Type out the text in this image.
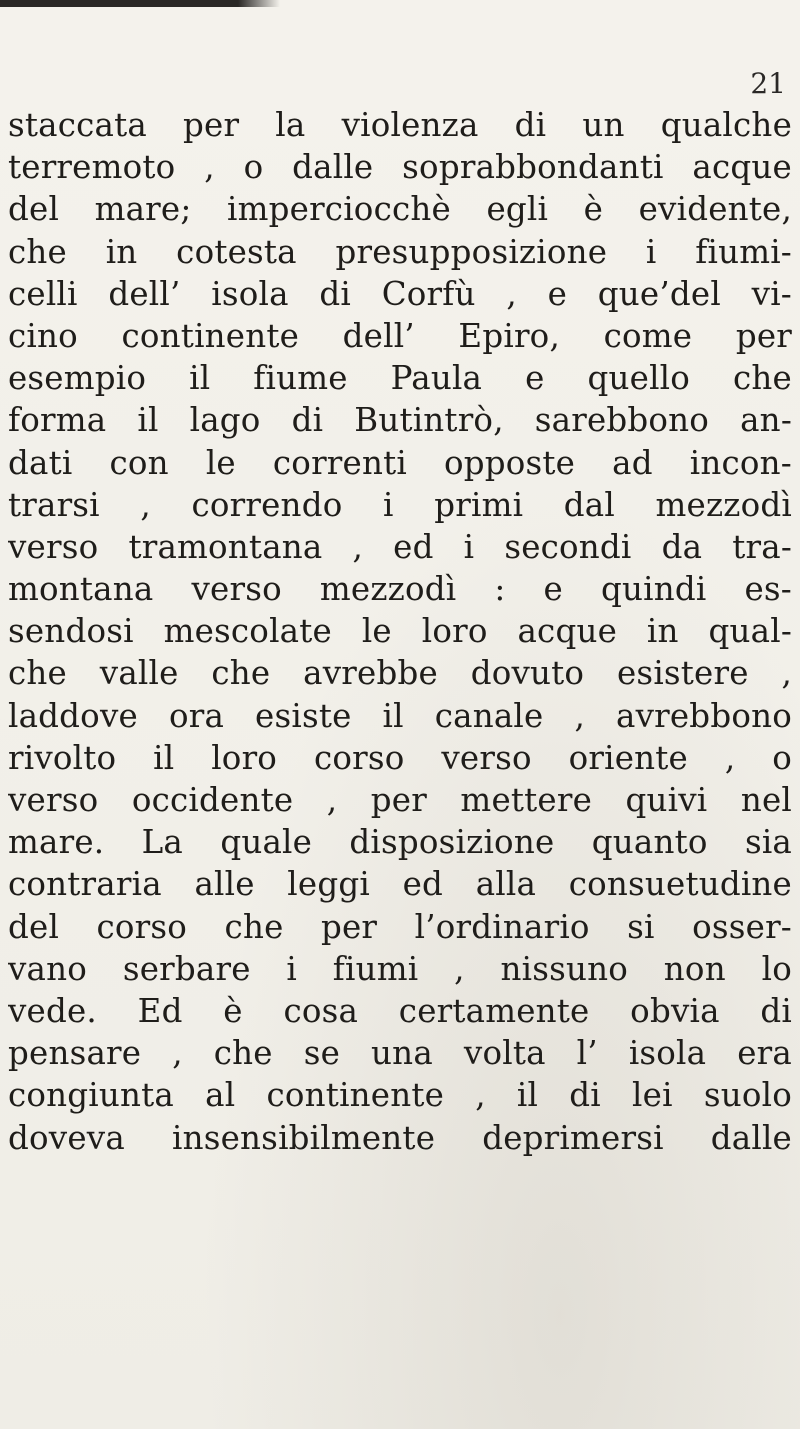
21
staccata per la violenza di un qualche
terremoto , o dalle soprabbondanti acque
del mare; imperciocchè egli è evidente,
che in cotesta presupposizione i fiumi-
celli dell’ isola di Corfù , e que’del vi-
cino continente dell’ Epiro, come per
esempio il fiume Paula e quello che
forma il lago di Butintrò, sarebbono an-
dati con le correnti opposte ad incon-
trarsi , correndo i primi dal mezzodì
verso tramontana , ed i secondi da tra-
montana verso mezzodì : e quindi es-
sendosi mescolate le loro acque in qual-
che valle che avrebbe dovuto esistere ,
laddove ora esiste il canale , avrebbono
rivolto il loro corso verso oriente , o
verso occidente , per mettere quivi nel
mare. La quale disposizione quanto sia
contraria alle leggi ed alla consuetudine
del corso che per l’ordinario si osser-
vano serbare i fiumi , nissuno non lo
vede. Ed è cosa certamente obvia di
pensare , che se una volta l’ isola era
congiunta al continente , il di lei suolo
doveva insensibilmente deprimersi dalle
